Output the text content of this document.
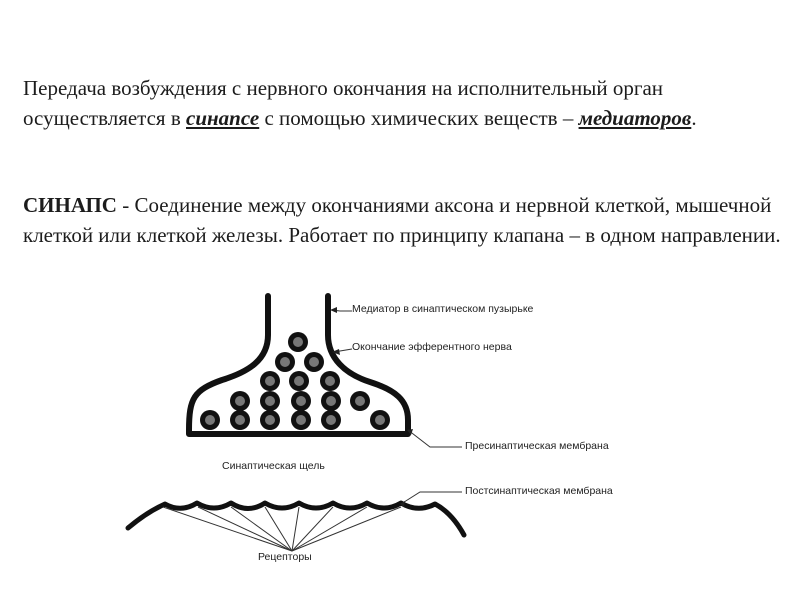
Передача возбуждения с нервного окончания на исполнительный орган осуществляется в синапсе с помощью химических веществ – медиаторов.

СИНАПС - Соединение между окончаниями аксона и нервной клеткой, мышечной клеткой или клеткой железы. Работает по принципу клапана – в одном направлении.

Медиатор в синаптическом пузырьке

Окончание эфферентного нерва

Пресинаптическая мембрана

Синаптическая щель

Постсинаптическая мембрана

Рецепторы
